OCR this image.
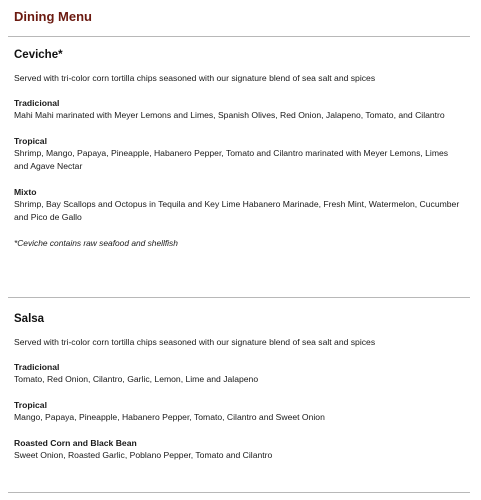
Dining Menu
Ceviche*

Served with tri-color corn tortilla chips seasoned with our signature blend of sea salt and spices

Tradicional

Mahi Mahi marinated with Meyer Lemons and Limes, Spanish Olives, Red Onion, Jalapeno, Tomato, and Cilantro

Tropical

Shrimp, Mango, Papaya, Pineapple, Habanero Pepper, Tomato and Cilantro marinated with Meyer Lemons, Limes and Agave Nectar

Mixto

Shrimp, Bay Scallops and Octopus in Tequila and Key Lime Habanero Marinade, Fresh Mint, Watermelon, Cucumber and Pico de Gallo

*Ceviche contains raw seafood and shellfish

Salsa

Served with tri-color corn tortilla chips seasoned with our signature blend of sea salt and spices

Tradicional

Tomato, Red Onion, Cilantro, Garlic, Lemon, Lime and Jalapeno

Tropical

Mango, Papaya, Pineapple, Habanero Pepper, Tomato, Cilantro and Sweet Onion

Roasted Corn and Black Bean

Sweet Onion, Roasted Garlic, Poblano Pepper, Tomato and Cilantro
